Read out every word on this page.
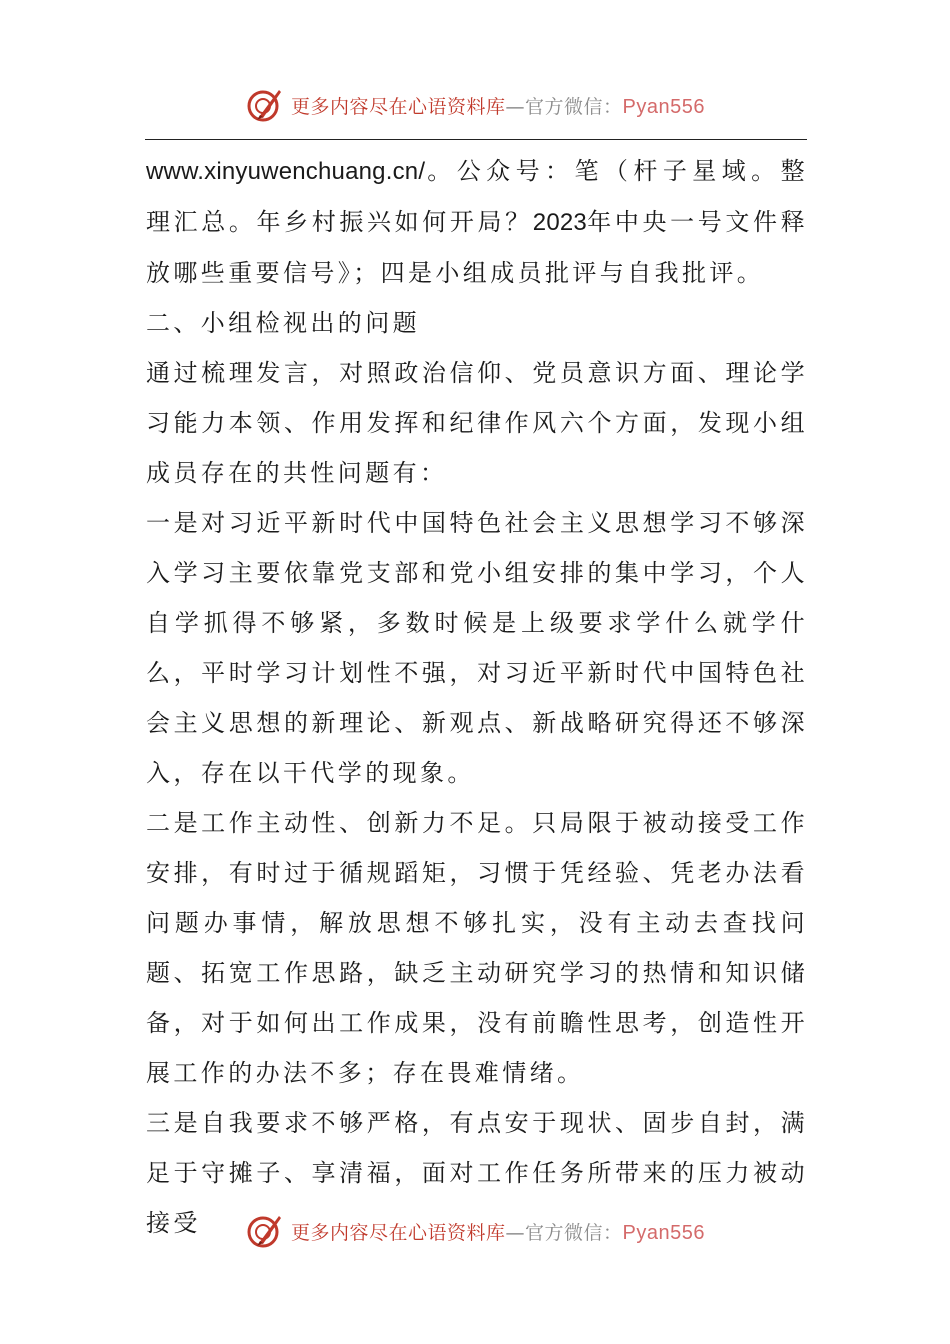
更多内容尽在心语资料库—官方微信：Pyan556

www.xinyuwenchuang.cn/。公众号：笔（杆子星域。整理汇总。年乡村振兴如何开局？2023年中央一号文件释放哪些重要信号》；四是小组成员批评与自我批评。

二、小组检视出的问题

通过梳理发言，对照政治信仰、党员意识方面、理论学习能力本领、作用发挥和纪律作风六个方面，发现小组成员存在的共性问题有：

一是对习近平新时代中国特色社会主义思想学习不够深入学习主要依靠党支部和党小组安排的集中学习，个人自学抓得不够紧，多数时候是上级要求学什么就学什么，平时学习计划性不强，对习近平新时代中国特色社会主义思想的新理论、新观点、新战略研究得还不够深入，存在以干代学的现象。

二是工作主动性、创新力不足。只局限于被动接受工作安排，有时过于循规蹈矩，习惯于凭经验、凭老办法看问题办事情，解放思想不够扎实，没有主动去查找问题、拓宽工作思路，缺乏主动研究学习的热情和知识储备，对于如何出工作成果，没有前瞻性思考，创造性开展工作的办法不多；存在畏难情绪。

三是自我要求不够严格，有点安于现状、固步自封，满足于守摊子、享清福，面对工作任务所带来的压力被动接受	更多内容尽在心语资料库—官方微信：Pyan556
